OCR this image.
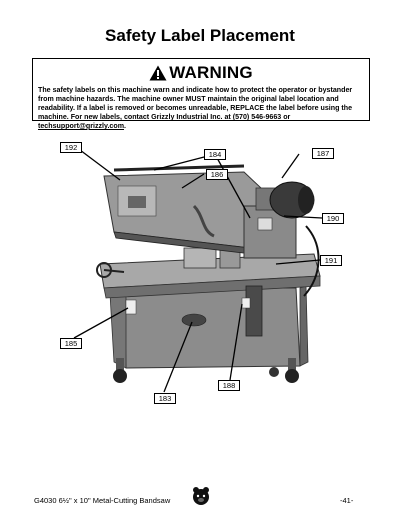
Safety Label Placement
WARNING
The safety labels on this machine warn and indicate how to protect the operator or bystander from machine hazards. The machine owner MUST maintain the original label location and readability. If a label is removed or becomes unreadable, REPLACE the label before using the machine. For new labels, contact Grizzly Industrial Inc. at (570) 546-9663 or techsupport@grizzly.com.
192
184	187
186
190
191
185
188
183
G4030 6½" x 10" Metal-Cutting Bandsaw	-41-
